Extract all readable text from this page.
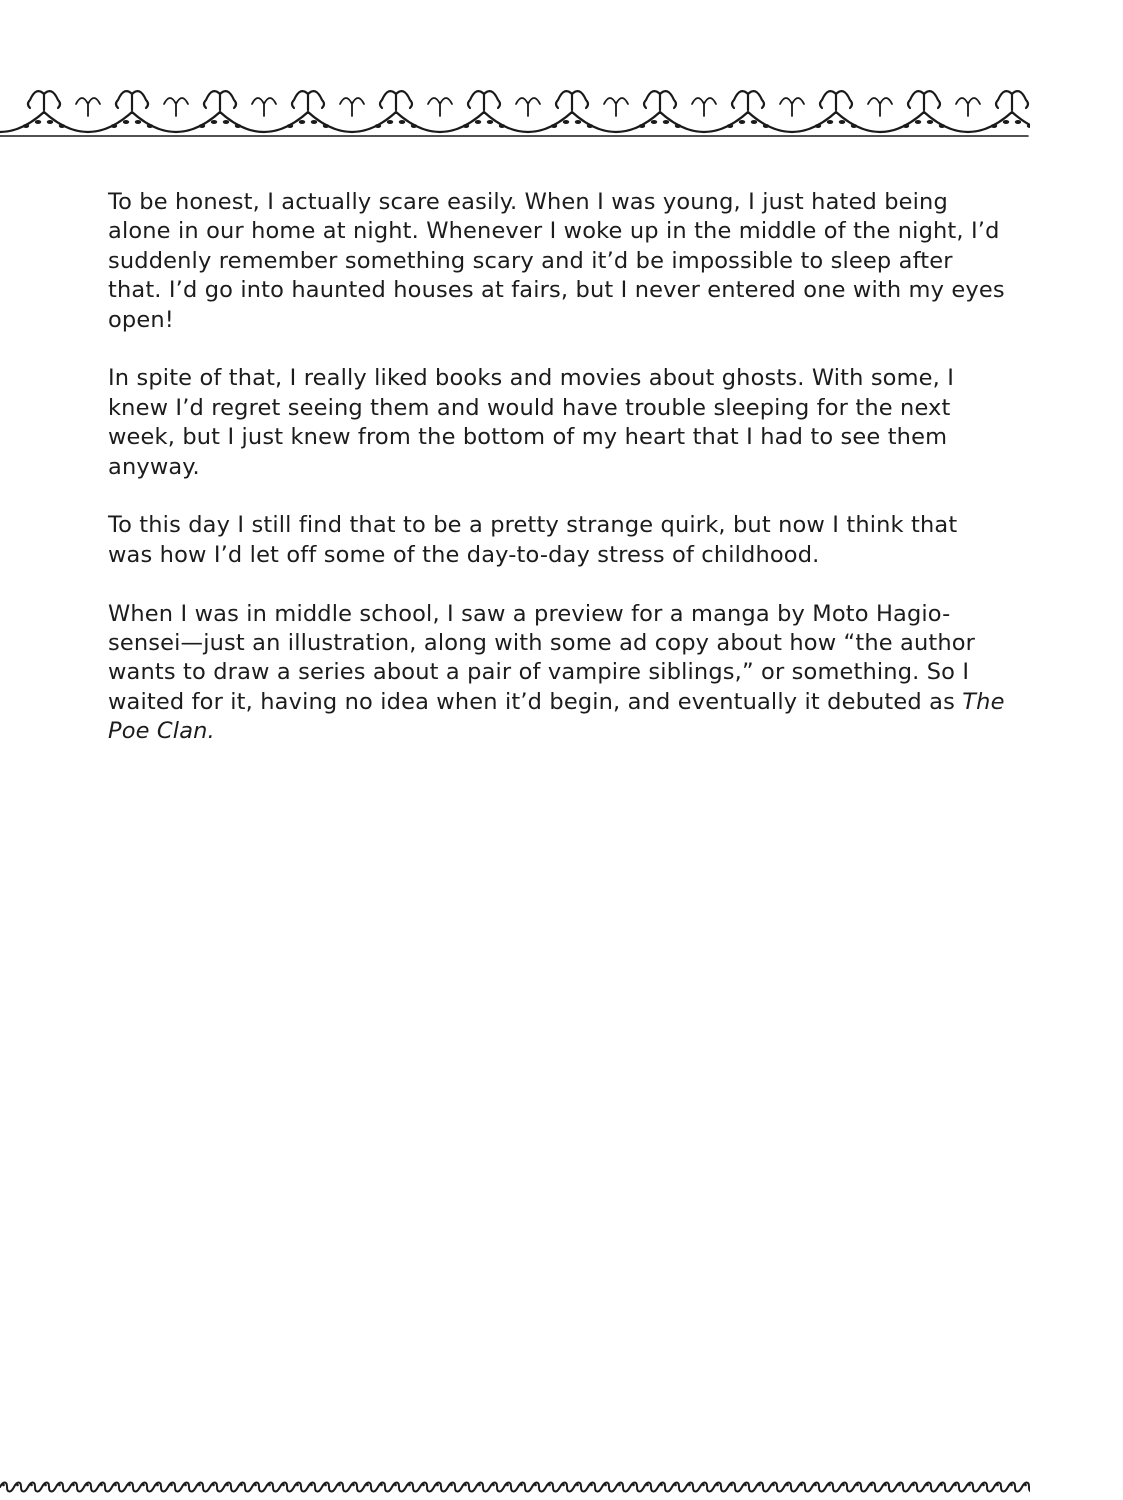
To be honest, I actually scare easily. When I was young, I just hated being alone in our home at night. Whenever I woke up in the middle of the night, I’d suddenly remember something scary and it’d be impossible to sleep after that. I’d go into haunted houses at fairs, but I never entered one with my eyes open!

In spite of that, I really liked books and movies about ghosts. With some, I knew I’d regret seeing them and would have trouble sleeping for the next week, but I just knew from the bottom of my heart that I had to see them anyway.

To this day I still find that to be a pretty strange quirk, but now I think that was how I’d let off some of the day-to-day stress of childhood.

When I was in middle school, I saw a preview for a manga by Moto Hagio-sensei—just an illustration, along with some ad copy about how “the author wants to draw a series about a pair of vampire siblings,” or something. So I waited for it, having no idea when it’d begin, and eventually it debuted as The Poe Clan.
